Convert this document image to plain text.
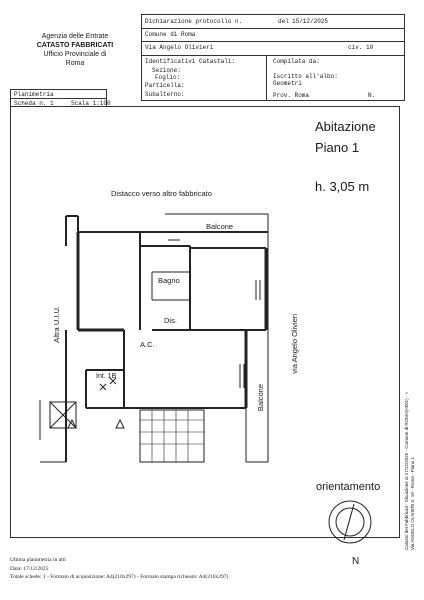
Agenzia delle Entrate
CATASTO FABBRICATI
Ufficio Provinciale di
Roma
Dichiarazione protocollo n.	del 15/12/2025
Comune di Roma
Via Angelo Olivieri	civ. 10
Identificativi Catastali:
Sezione:
Foglio:
Particella:
Subalterno:
Compilata da:
Iscritto all'albo:
Geometri
Prov. Roma	N.
Planimetria
Scheda n. 1	Scala 1:100
Abitazione
Piano 1
h. 3,05 m
Distacco verso altro fabbricato
Balcone
Bagno
Dis.
A.C.
Int. 1B
Altra U.I.U.	via Angelo Olivieri
Balcone
orientamento
N
Catasto dei Fabbricati - Situazione al 17/12/2025 - Comune di ROMA(H501) - <
Via ANGELO OLIVIERI n. 10 - Roma - Piano 1
Ultima planimetria in atti
Data: 17/12/2025
Totale schede: 1 - Formato di acquisizione: A4(210x297) - Formato stampa richiesto: A4(210x297)
